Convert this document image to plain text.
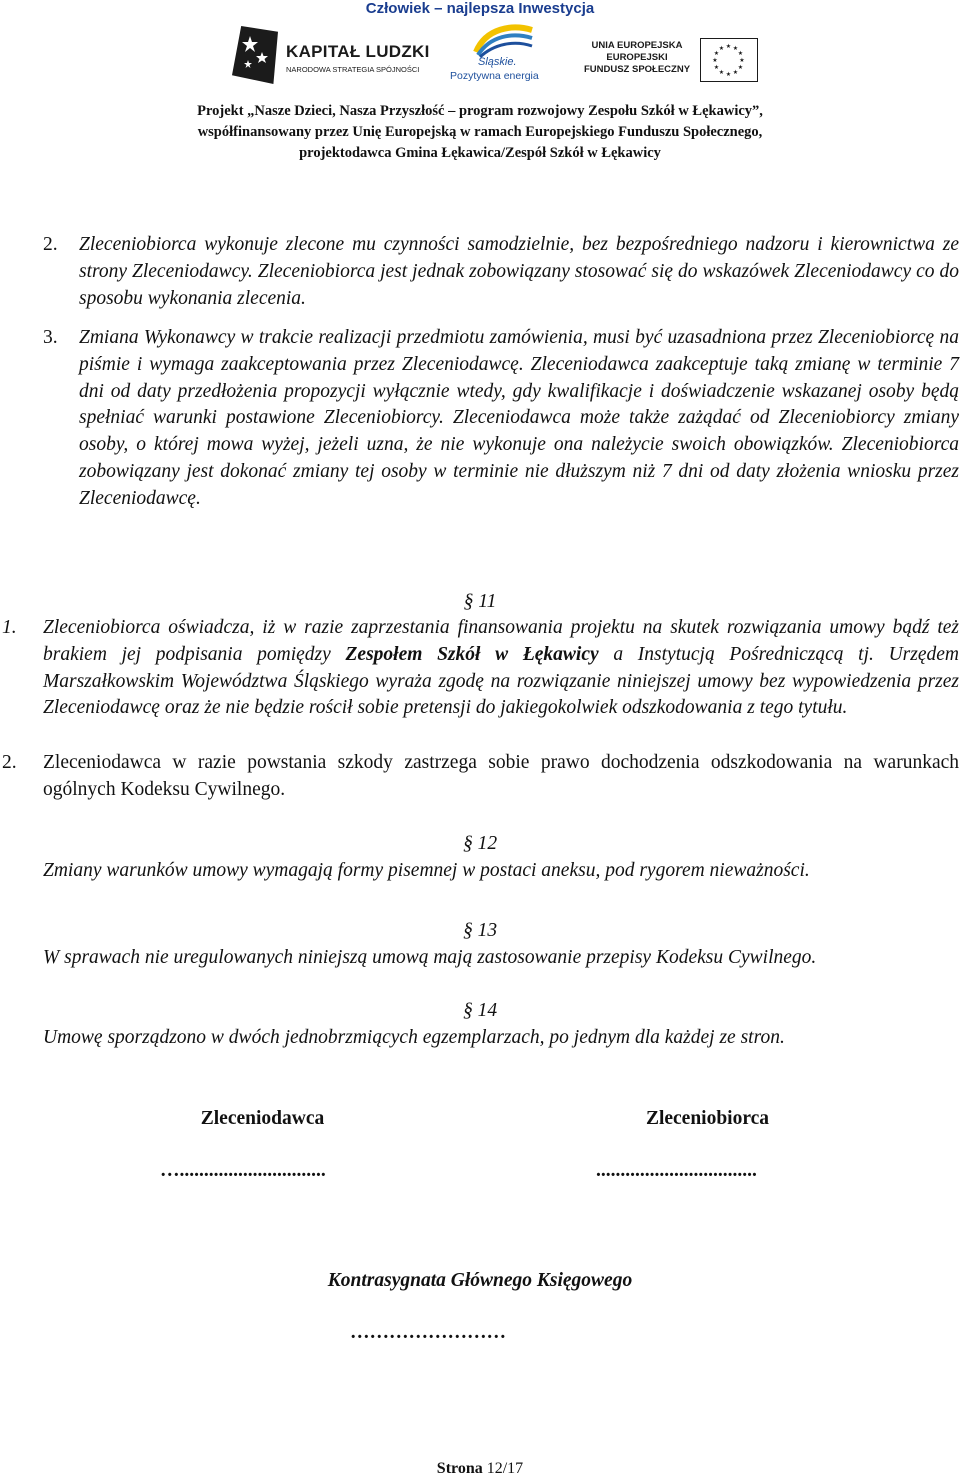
Człowiek – najlepsza Inwestycja
KAPITAŁ LUDZKI
NARODOWA STRATEGIA SPÓJNOŚCI
Śląskie.
Pozytywna energia
UNIA EUROPEJSKA
EUROPEJSKI
FUNDUSZ SPOŁECZNY
★ ★
★
★
★
★
★
★
★
★
★
★
Projekt „Nasze Dzieci, Nasza Przyszłość – program rozwojowy Zespołu Szkół w Łękawicy”,
współfinansowany przez Unię Europejską w ramach Europejskiego Funduszu Społecznego,
projektodawca Gmina Łękawica/Zespół Szkół w Łękawicy
2. Zleceniobiorca wykonuje zlecone mu czynności samodzielnie, bez bezpośredniego nadzoru i kierownictwa ze strony Zleceniodawcy. Zleceniobiorca jest jednak zobowiązany stosować się do wskazówek Zleceniodawcy co do sposobu wykonania zlecenia.

3. Zmiana Wykonawcy w trakcie realizacji przedmiotu zamówienia, musi być uzasadniona przez Zleceniobiorcę na piśmie i wymaga zaakceptowania przez Zleceniodawcę. Zleceniodawca zaakceptuje taką zmianę w terminie 7 dni od daty przedłożenia propozycji wyłącznie wtedy, gdy kwalifikacje i doświadczenie wskazanej osoby będą spełniać warunki postawione Zleceniobiorcy. Zleceniodawca może także zażądać od Zleceniobiorcy zmiany osoby, o której mowa wyżej, jeżeli uzna, że nie wykonuje ona należycie swoich obowiązków. Zleceniobiorca zobowiązany jest dokonać zmiany tej osoby w terminie nie dłuższym niż 7 dni od daty złożenia wniosku przez Zleceniodawcę.

§ 11
1. Zleceniobiorca oświadcza, iż w razie zaprzestania finansowania projektu na skutek rozwiązania umowy bądź też brakiem jej podpisania pomiędzy Zespołem Szkół w Łękawicy a Instytucją Pośredniczącą tj. Urzędem Marszałkowskim Województwa Śląskiego wyraża zgodę na rozwiązanie niniejszej umowy bez wypowiedzenia przez Zleceniodawcę oraz że nie będzie rościł sobie pretensji do jakiegokolwiek odszkodowania z tego tytułu.

2. Zleceniodawca w razie powstania szkody zastrzega sobie prawo dochodzenia odszkodowania na warunkach ogólnych Kodeksu Cywilnego.

§ 12

Zmiany warunków umowy wymagają formy pisemnej w postaci aneksu, pod rygorem nieważności.

§ 13

W sprawach nie uregulowanych niniejszą umową mają zastosowanie przepisy Kodeksu Cywilnego.

§ 14

Umowę sporządzono w dwóch jednobrzmiących egzemplarzach, po jednym dla każdej ze stron.

Zleceniodawca
…..............................
Zleceniobiorca
.................................
Kontrasygnata Głównego Księgowego
……………………
Strona 12/17
